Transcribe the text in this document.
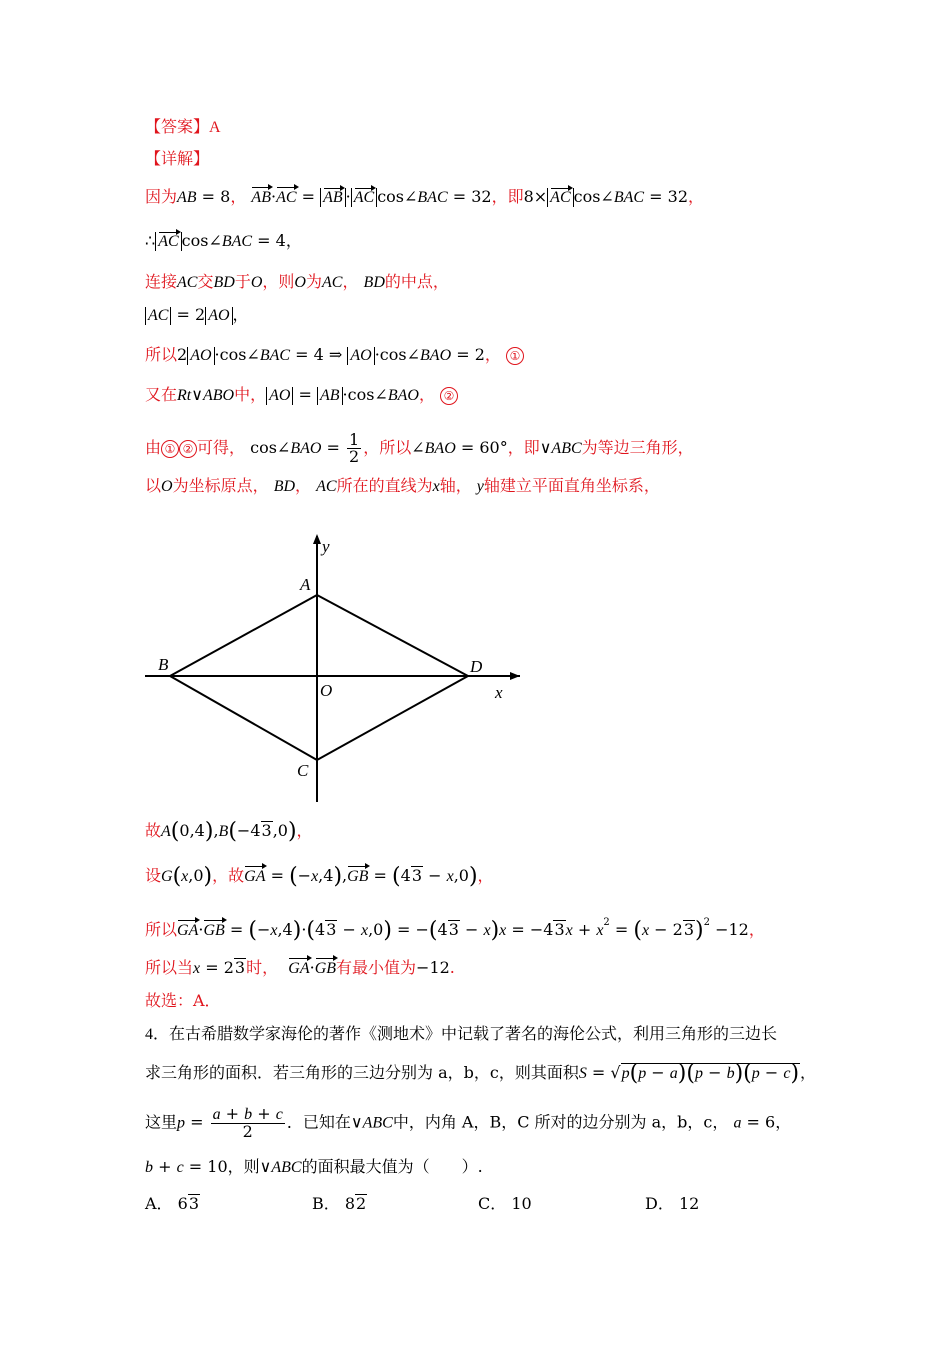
【答案】A
【详解】
因为AB = 8， AB·AC = AB · AC cos∠BAC = 32，即8× AC cos∠BAC = 32，
∴ AC cos∠BAC = 4，
连接AC交BD于O，则O为AC， BD的中点，
AC = 2 AO ，
所以2 AO ·cos∠BAC = 4 ⇒ AO ·cos∠BAO = 2， ①
又在Rt∨ABO中， AO = AB ·cos∠BAO， ②
由 ① ② 可得， cos∠BAO = $\frac{1}{2}$ ，所以∠BAO = 60°，即∨ABC为等边三角形，
以O为坐标原点， BD， AC所在的直线为x轴， y轴建立平面直角坐标系，
y
A
B	D
O	x
C
故A(0,4),B(−43,0)，
设G(x,0)，故GA = (−x,4),GB = (43 − x,0)，
所以$GA\cdot GB = (-x,4)\cdot(43 - x,0) = -(43 - x)x = -43x + x^2 = (x - 23)^2 -12$，
所以当x = 23时， GA·GB有最小值为−12.
故选：A．
4．在古希腊数学家海伦的著作《测地术》中记载了著名的海伦公式，利用三角形的三边长
求三角形的面积．若三角形的三边分别为 a，b，c，则其面积S = √p(p − a)(p − b)(p − c)，
这里$p = \frac{a + b + c}{2}$ ．已知在∨ABC中，内角 A，B，C 所对的边分别为 a，b，c， a = 6，
b + c = 10，则∨ABC的面积最大值为（　　）.
A． 63	B． 82	C． 10	D． 12
